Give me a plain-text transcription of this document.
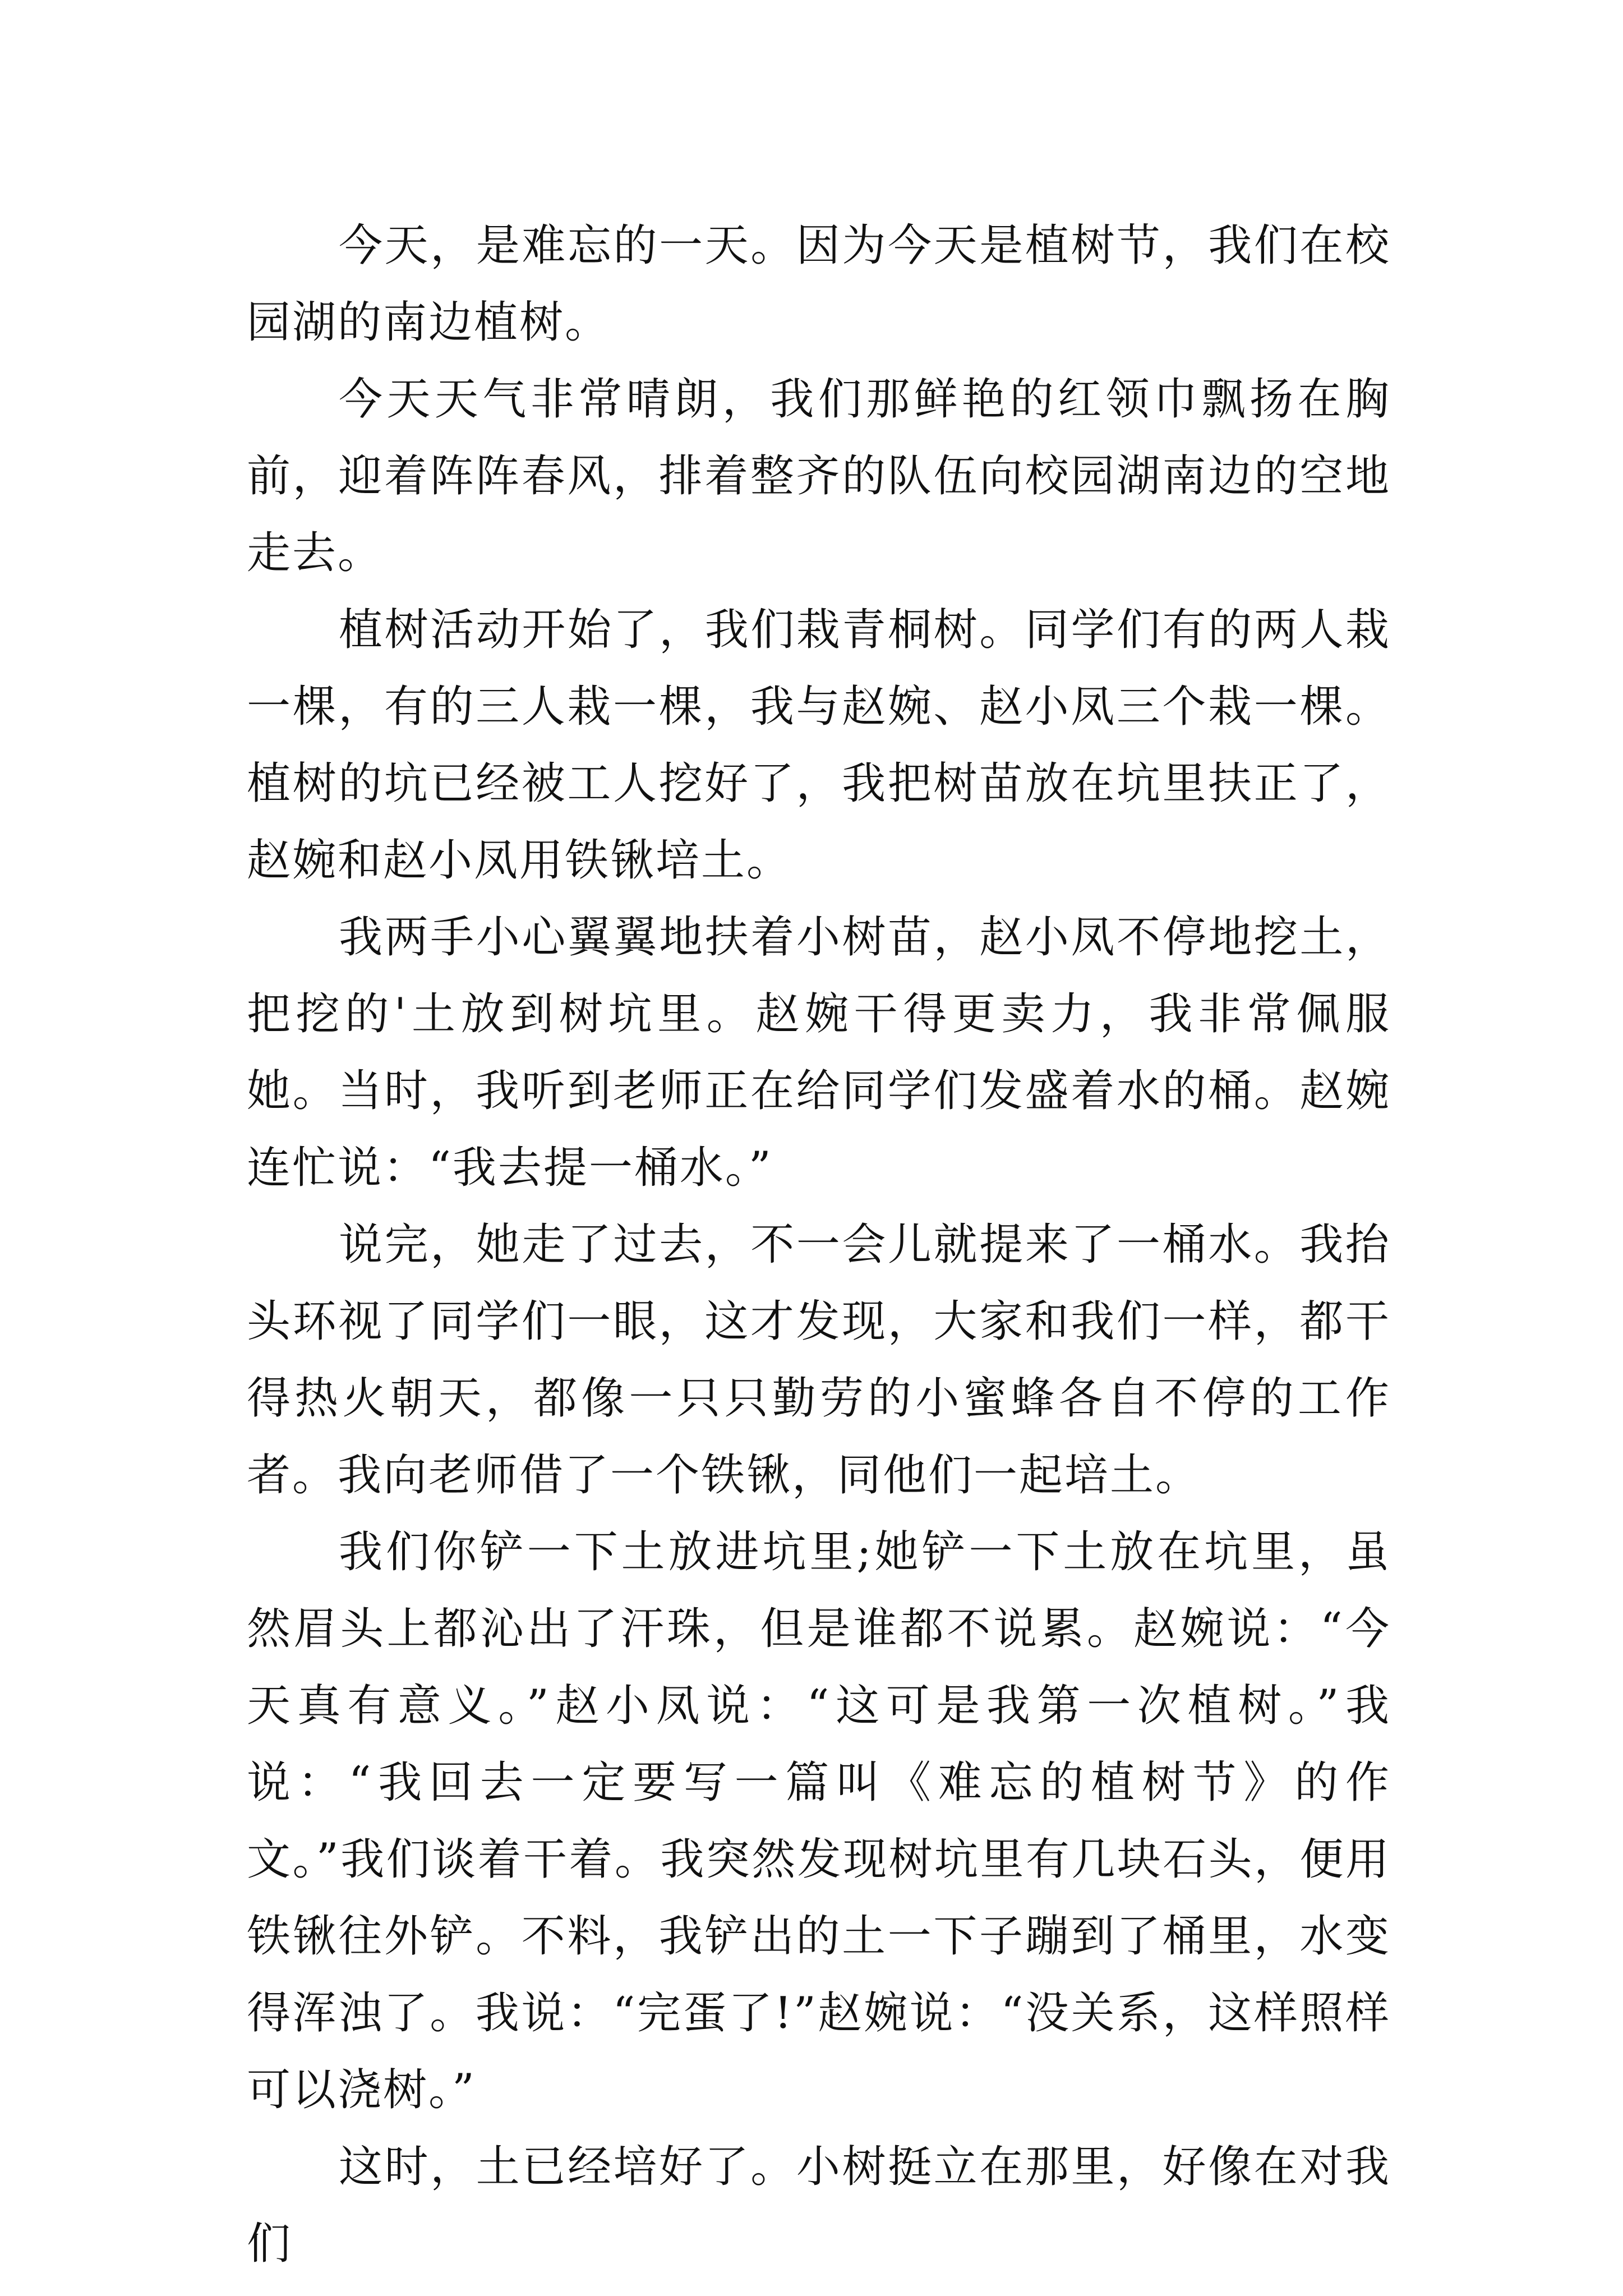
今天，是难忘的一天。因为今天是植树节，我们在校园湖的南边植树。

今天天气非常晴朗，我们那鲜艳的红领巾飘扬在胸前，迎着阵阵春风，排着整齐的队伍向校园湖南边的空地走去。

植树活动开始了，我们栽青桐树。同学们有的两人栽一棵，有的三人栽一棵，我与赵婉、赵小凤三个栽一棵。植树的坑已经被工人挖好了，我把树苗放在坑里扶正了，赵婉和赵小凤用铁锹培土。

我两手小心翼翼地扶着小树苗，赵小凤不停地挖土，把挖的'土放到树坑里。赵婉干得更卖力，我非常佩服她。当时，我听到老师正在给同学们发盛着水的桶。赵婉连忙说：“我去提一桶水。”

说完，她走了过去，不一会儿就提来了一桶水。我抬头环视了同学们一眼，这才发现，大家和我们一样，都干得热火朝天，都像一只只勤劳的小蜜蜂各自不停的工作者。我向老师借了一个铁锹，同他们一起培土。

我们你铲一下土放进坑里;她铲一下土放在坑里，虽然眉头上都沁出了汗珠，但是谁都不说累。赵婉说：“今天真有意义。”赵小凤说：“这可是我第一次植树。”我说：“我回去一定要写一篇叫《难忘的植树节》的作文。”我们谈着干着。我突然发现树坑里有几块石头，便用铁锹往外铲。不料，我铲出的土一下子蹦到了桶里，水变得浑浊了。我说：“完蛋了!”赵婉说：“没关系，这样照样可以浇树。”

这时，土已经培好了。小树挺立在那里，好像在对我们
